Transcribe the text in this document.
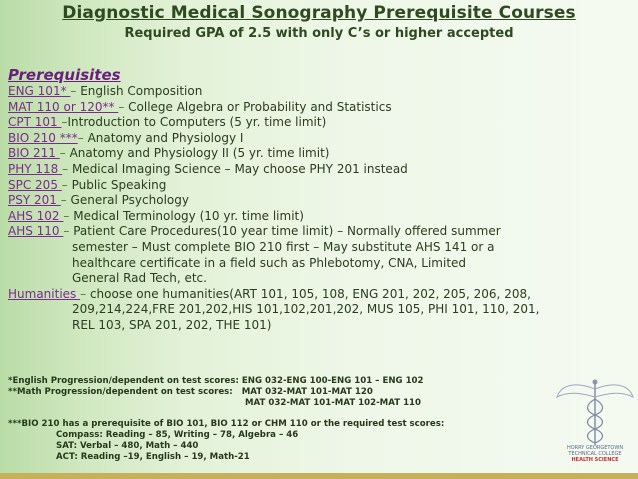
Diagnostic Medical Sonography Prerequisite Courses
Required GPA of 2.5 with only C’s or higher accepted
Prerequisites
ENG 101* – English Composition
MAT 110 or 120** – College Algebra or Probability and Statistics
CPT 101 –Introduction to Computers (5 yr. time limit)
BIO 210 ***– Anatomy and Physiology I
BIO 211 – Anatomy and Physiology II (5 yr. time limit)
PHY 118 – Medical Imaging Science – May choose PHY 201 instead
SPC 205 – Public Speaking
PSY 201 – General Psychology
AHS 102 – Medical Terminology (10 yr. time limit)
AHS 110 – Patient Care Procedures(10 year time limit) – Normally offered summer
semester – Must complete BIO 210 first – May substitute AHS 141 or a
healthcare certificate in a field such as Phlebotomy, CNA, Limited
General Rad Tech, etc.
Humanities – choose one humanities(ART 101, 105, 108, ENG 201, 202, 205, 206, 208,
209,214,224,FRE 201,202,HIS 101,102,201,202, MUS 105, PHI 101, 110, 201,
REL 103, SPA 201, 202, THE 101)
*English Progression/dependent on test scores: ENG 032-ENG 100-ENG 101 – ENG 102
**Math Progression/dependent on test scores:   MAT 032-MAT 101-MAT 120
MAT 032-MAT 101-MAT 102-MAT 110
***BIO 210 has a prerequisite of BIO 101, BIO 112 or CHM 110 or the required test scores:
Compass: Reading – 85, Writing – 78, Algebra – 46
SAT: Verbal – 480, Math – 440
ACT: Reading –19, English – 19, Math-21
HORRY GEORGETOWN
TECHNICAL COLLEGE
HEALTH SCIENCE
